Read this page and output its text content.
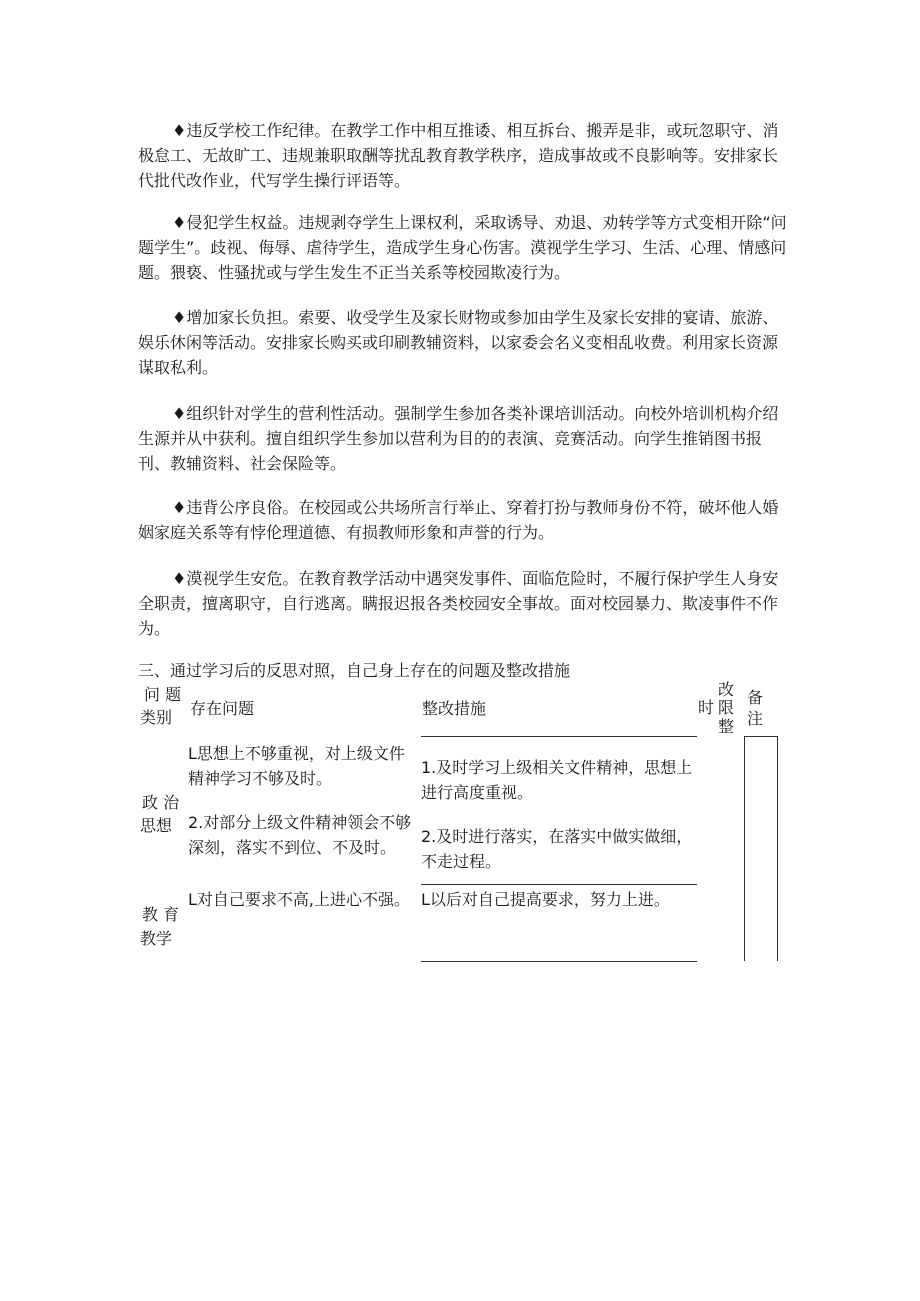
♦违反学校工作纪律。在教学工作中相互推诿、相互拆台、搬弄是非，或玩忽职守、消极怠工、无故旷工、违规兼职取酬等扰乱教育教学秩序，造成事故或不良影响等。安排家长代批代改作业，代写学生操行评语等。

♦侵犯学生权益。违规剥夺学生上课权利，采取诱导、劝退、劝转学等方式变相开除“问题学生”。歧视、侮辱、虐待学生，造成学生身心伤害。漠视学生学习、生活、心理、情感问题。猥亵、性骚扰或与学生发生不正当关系等校园欺凌行为。

♦增加家长负担。索要、收受学生及家长财物或参加由学生及家长安排的宴请、旅游、娱乐休闲等活动。安排家长购买或印刷教辅资料，以家委会名义变相乱收费。利用家长资源谋取私利。

♦组织针对学生的营利性活动。强制学生参加各类补课培训活动。向校外培训机构介绍生源并从中获利。擅自组织学生参加以营利为目的的表演、竞赛活动。向学生推销图书报刊、教辅资料、社会保险等。

♦违背公序良俗。在校园或公共场所言行举止、穿着打扮与教师身份不符，破坏他人婚姻家庭关系等有悖伦理道德、有损教师形象和声誉的行为。

♦漠视学生安危。在教育教学活动中遇突发事件、面临危险时，不履行保护学生人身安全职责，擅离职守，自行逃离。瞒报迟报各类校园安全事故。面对校园暴力、欺凌事件不作为。

三、通过学习后的反思对照，自己身上存在的问题及整改措施
问 题
类别 存在问题	整改措施	时
改
限
整
备
注
政 治
思想
L思想上不够重视，对上级文件精神学习不够及时。
2.对部分上级文件精神领会不够深刻，落实不到位、不及时。
1.及时学习上级相关文件精神，思想上进行高度重视。
2.及时进行落实，在落实中做实做细，不走过程。
教 育
教学
L对自己要求不高,上进心不强。 L以后对自己提高要求，努力上进。
